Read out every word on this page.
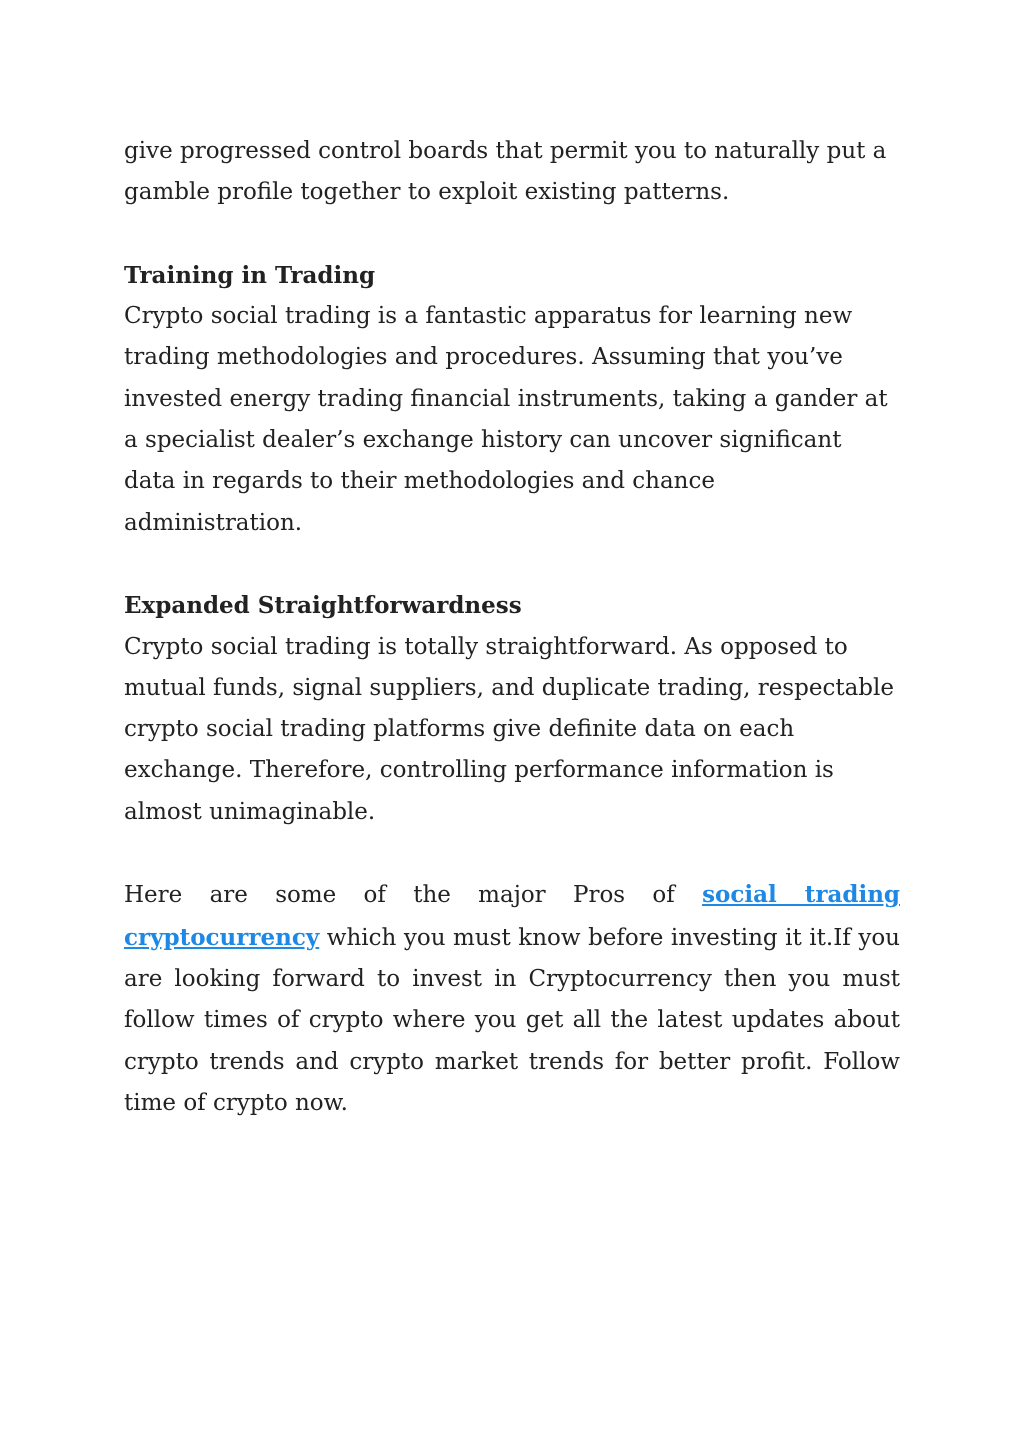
give progressed control boards that permit you to naturally put a gamble profile together to exploit existing patterns.

Training in Trading

Crypto social trading is a fantastic apparatus for learning new trading methodologies and procedures. Assuming that you’ve invested energy trading financial instruments, taking a gander at a specialist dealer’s exchange history can uncover significant data in regards to their methodologies and chance administration.

Expanded Straightforwardness

Crypto social trading is totally straightforward. As opposed to mutual funds, signal suppliers, and duplicate trading, respectable crypto social trading platforms give definite data on each exchange. Therefore, controlling performance information is almost unimaginable.

Here are some of the major Pros of social trading cryptocurrency which you must know before investing it it.If you are looking forward to invest in Cryptocurrency then you must follow times of crypto where you get all the latest updates about crypto trends and crypto market trends for better profit. Follow time of crypto now.
